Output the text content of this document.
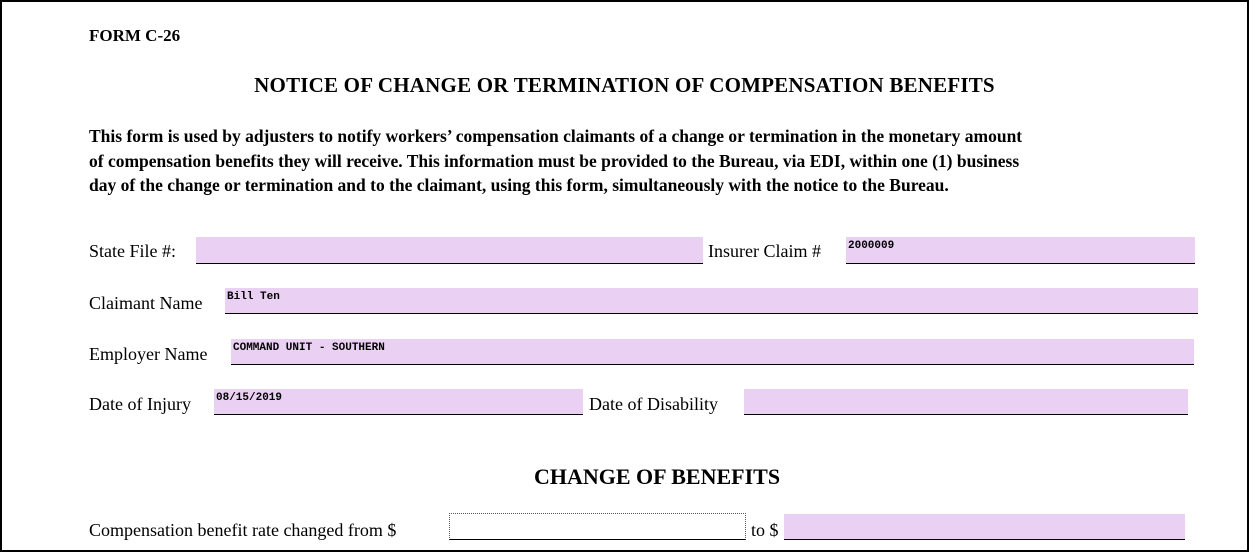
FORM C-26
NOTICE OF CHANGE OR TERMINATION OF COMPENSATION BENEFITS
This form is used by adjusters to notify workers’ compensation claimants of a change or termination in the monetary amount
of compensation benefits they will receive. This information must be provided to the Bureau, via EDI, within one (1) business
day of the change or termination and to the claimant, using this form, simultaneously with the notice to the Bureau.
State File #:	Insurer Claim # 2000009
Claimant Name Bill Ten
Employer Name COMMAND UNIT - SOUTHERN
Date of Injury 08/15/2019	Date of Disability
CHANGE OF BENEFITS
Compensation benefit rate changed from $	to $
